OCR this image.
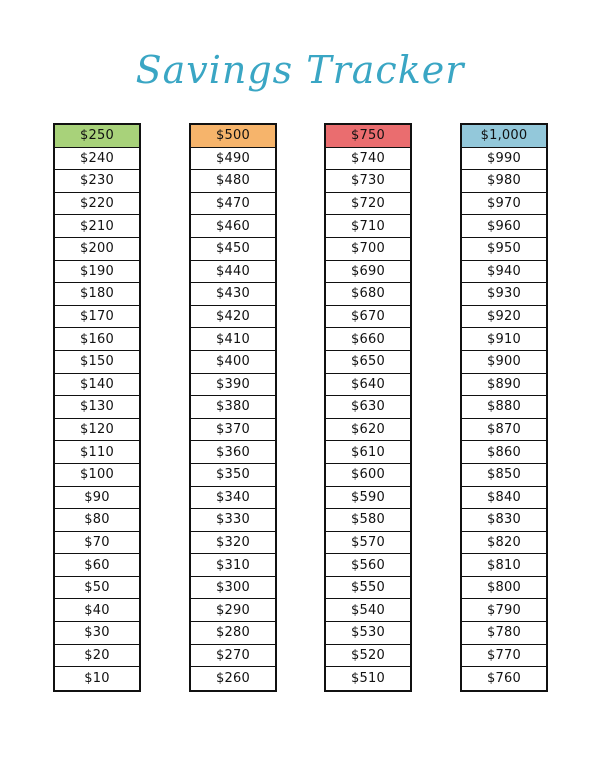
Savings Tracker
$250
$240
$230
$220
$210
$200
$190
$180
$170
$160
$150
$140
$130
$120
$110
$100
$90
$80
$70
$60
$50
$40
$30
$20
$10
$500
$490
$480
$470
$460
$450
$440
$430
$420
$410
$400
$390
$380
$370
$360
$350
$340
$330
$320
$310
$300
$290
$280
$270
$260
$750
$740
$730
$720
$710
$700
$690
$680
$670
$660
$650
$640
$630
$620
$610
$600
$590
$580
$570
$560
$550
$540
$530
$520
$510
$1,000
$990
$980
$970
$960
$950
$940
$930
$920
$910
$900
$890
$880
$870
$860
$850
$840
$830
$820
$810
$800
$790
$780
$770
$760
